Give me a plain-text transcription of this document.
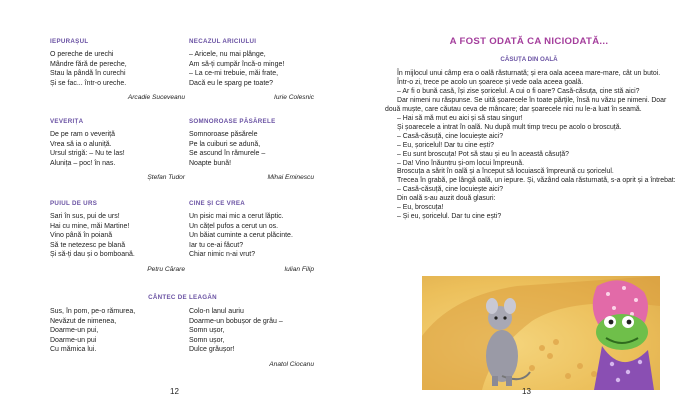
IEPURAȘUL
O pereche de urechi
Mândre fără de pereche,
Stau la pândă în curechi
Și se fac... într-o ureche.
Arcadie Suceveanu
NECAZUL ARICIULUI
– Aricele, nu mai plânge,
Am să-ți cumpăr încă-o minge!
– La ce-mi trebuie, măi frate,
Dacă eu le sparg pe toate?
Iurie Colesnic
VEVERIȚA
De pe ram o veveriță
Vrea să ia o aluniță.
Ursul strigă: – Nu te las!
Alunița – poc! în nas.
Ștefan Tudor
SOMNOROASE PĂSĂRELE
Somnoroase păsărele
Pe la cuiburi se adună,
Se ascund în rămurele –
Noapte bună!
Mihai Eminescu
PUIUL DE URS
Sari în sus, pui de urs!
Hai cu mine, măi Martine!
Vino până în poiană
Să te netezesc pe blană
Și să-ți dau și o bomboană.
Petru Cărare
CINE ȘI CE VREA
Un pisic mai mic a cerut lăptic.
Un cățel pufos a cerut un os.
Un băiat cuminte a cerut plăcinte.
Iar tu ce-ai făcut?
Chiar nimic n-ai vrut?
Iulian Filip
CÂNTEC DE LEAGĂN
Sus, în pom, pe-o rămurea,
Nevăzut de nimenea,
Doarme-un pui,
Doarme-un pui
Cu mămica lui.
Colo-n lanul auriu
Doarme-un bobușor de grâu –
Somn ușor,
Somn ușor,
Dulce grăușor!
Anatol Ciocanu
12
A FOST ODATĂ CA NICIODATĂ...
CĂSUȚA DIN OALĂ
În mijlocul unui câmp era o oală răsturnată; și era oala aceea mare-mare, cât un butoi.
Într-o zi, trece pe acolo un șoarece și vede oala aceea goală.
– Ar fi o bună casă, își zise șoricelul. A cui o fi oare? Casă-căsuța, cine stă aici?
Dar nimeni nu răspunse. Se uită șoarecele în toate părțile, însă nu văzu pe nimeni. Doar două muște, care căutau ceva de mâncare; dar șoarecele nici nu le-a luat în seamă.
– Hai să mă mut eu aici și să stau singur!
Și șoarecele a intrat în oală. Nu după mult timp trecu pe acolo o broscuță.
– Casă-căsuță, cine locuiește aici?
– Eu, șoricelul! Dar tu cine ești?
– Eu sunt broscuța! Pot să stau și eu în această căsuță?
– Da! Vino înăuntru și-om locui împreună.
Broscuța a sărit în oală și a început să locuiască împreună cu șoricelul.
Trecea în grabă, pe lângă oală, un iepure. Și, văzând oala răsturnată, s-a oprit și a întrebat:
– Casă-căsuță, cine locuiește aici?
Din oală s-au auzit două glasuri:
– Eu, broscuța!
– Și eu, șoricelul. Dar tu cine ești?
13
